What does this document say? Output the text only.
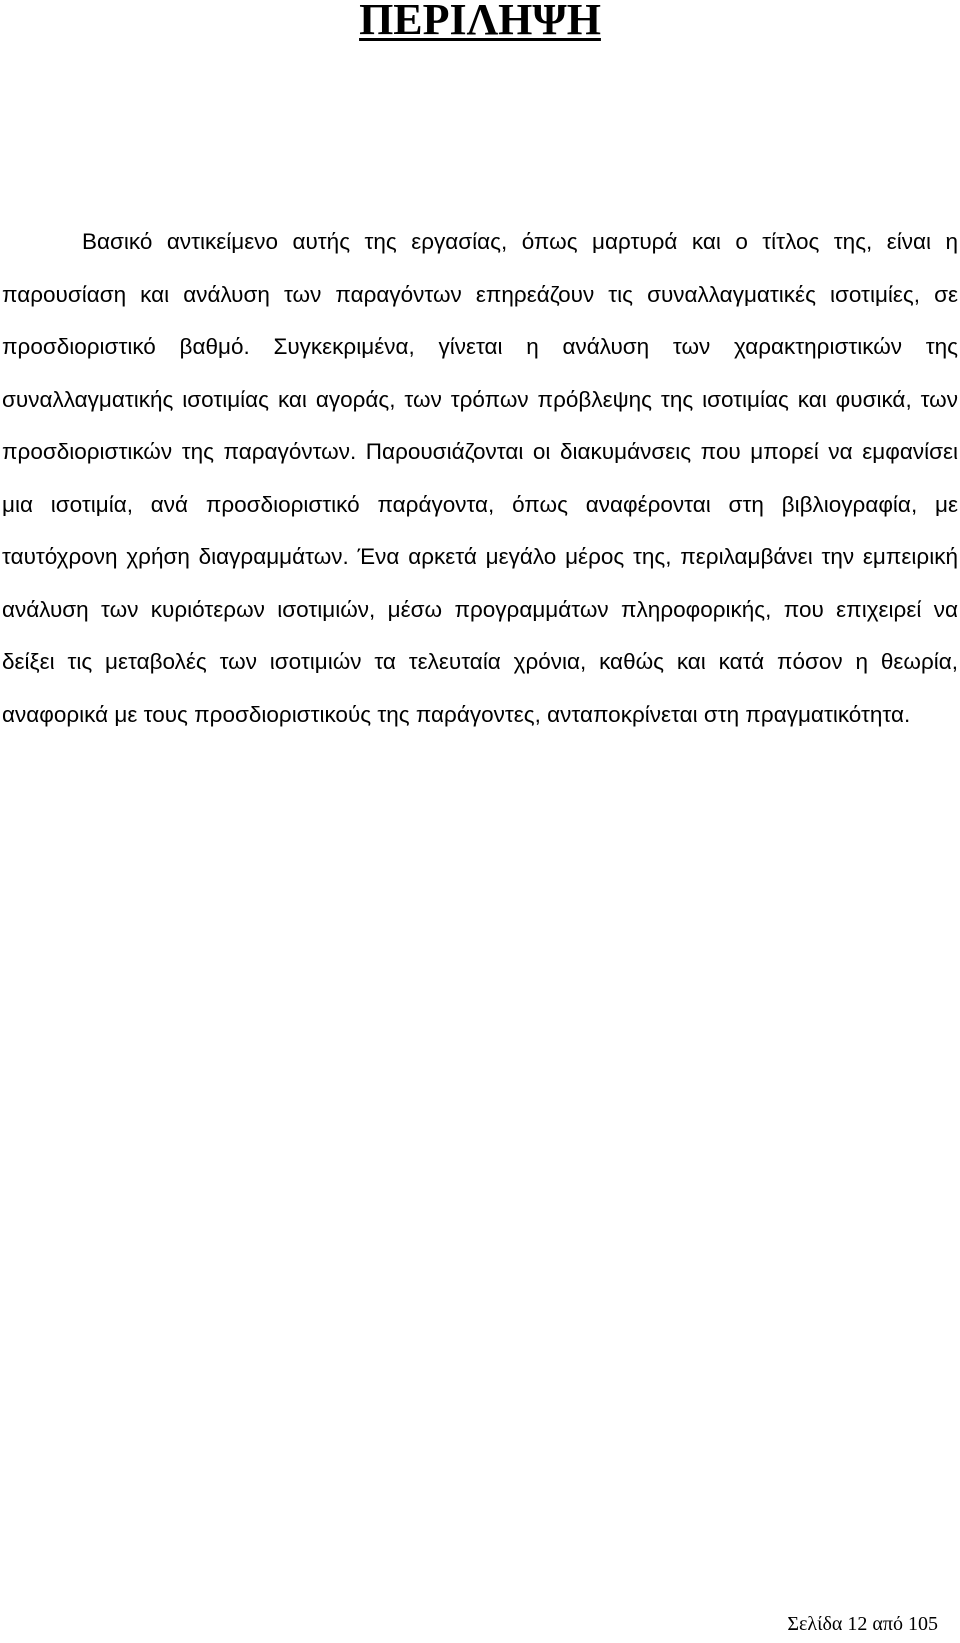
ΠΕΡΙΛΗΨΗ

Βασικό αντικείμενο αυτής της εργασίας, όπως μαρτυρά και ο τίτλος της, είναι η παρουσίαση και ανάλυση των παραγόντων επηρεάζουν τις συναλλαγματικές ισοτιμίες, σε προσδιοριστικό βαθμό. Συγκεκριμένα, γίνεται η ανάλυση των χαρακτηριστικών της συναλλαγματικής ισοτιμίας και αγοράς, των τρόπων πρόβλεψης της ισοτιμίας και φυσικά, των προσδιοριστικών της παραγόντων. Παρουσιάζονται οι διακυμάνσεις που μπορεί να εμφανίσει μια ισοτιμία, ανά προσδιοριστικό παράγοντα, όπως αναφέρονται στη βιβλιογραφία, με ταυτόχρονη χρήση διαγραμμάτων. Ένα αρκετά μεγάλο μέρος της, περιλαμβάνει την εμπειρική ανάλυση των κυριότερων ισοτιμιών, μέσω προγραμμάτων πληροφορικής, που επιχειρεί να δείξει τις μεταβολές των ισοτιμιών τα τελευταία χρόνια, καθώς και κατά πόσον η θεωρία, αναφορικά με τους προσδιοριστικούς της παράγοντες, ανταποκρίνεται στη πραγματικότητα.

Σελίδα 12 από 105
